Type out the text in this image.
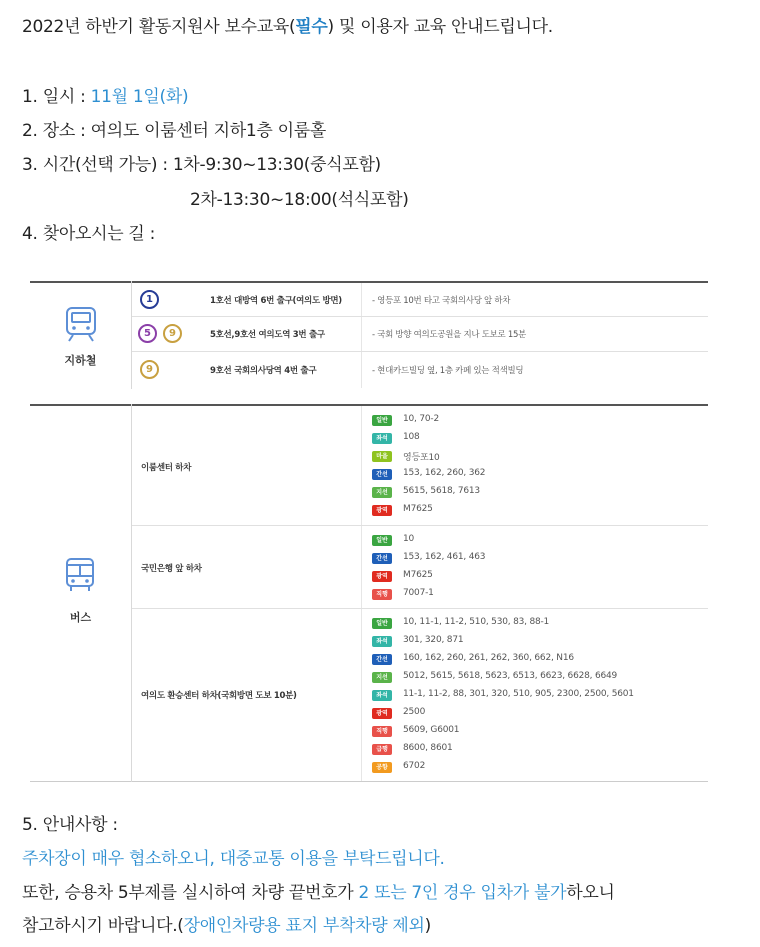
2022년 하반기 활동지원사 보수교육(필수) 및 이용자 교육 안내드립니다.
1. 일시 : 11월 1일(화)
2. 장소 : 여의도 이룸센터 지하1층 이룸홀
3. 시간(선택 가능) : 1차-9:30~13:30(중식포함)
2차-13:30~18:00(석식포함)
4. 찾아오시는 길 :
지하철
1	1호선 대방역 6번 출구(여의도 방면)	- 영등포 10번 타고 국회의사당 앞 하차
5	9	5호선,9호선 여의도역 3번 출구	- 국회 방향 여의도공원을 지나 도보로 15분
9	9호선 국회의사당역 4번 출구	- 현대카드빌딩 옆, 1층 카페 있는 적색빌딩
버스
이룸센터 하차
일반	10, 70-2
좌석	108
마을	영등포10
간선	153, 162, 260, 362
지선	5615, 5618, 7613
광역	M7625
국민은행 앞 하차
일반	10
간선	153, 162, 461, 463
광역	M7625
직행	7007-1
여의도 환승센터 하차(국회방면 도보 10분)
일반	10, 11-1, 11-2, 510, 530, 83, 88-1
좌석	301, 320, 871
간선	160, 162, 260, 261, 262, 360, 662, N16
지선	5012, 5615, 5618, 5623, 6513, 6623, 6628, 6649
좌석	11-1, 11-2, 88, 301, 320, 510, 905, 2300, 2500, 5601
광역	2500
직행	5609, G6001
급행	8600, 8601
공항	6702
5. 안내사항 :
주차장이 매우 협소하오니, 대중교통 이용을 부탁드립니다.
또한, 승용차 5부제를 실시하여 차량 끝번호가 2 또는 7인 경우 입차가 불가하오니
참고하시기 바랍니다.(장애인차량용 표지 부착차량 제외)
